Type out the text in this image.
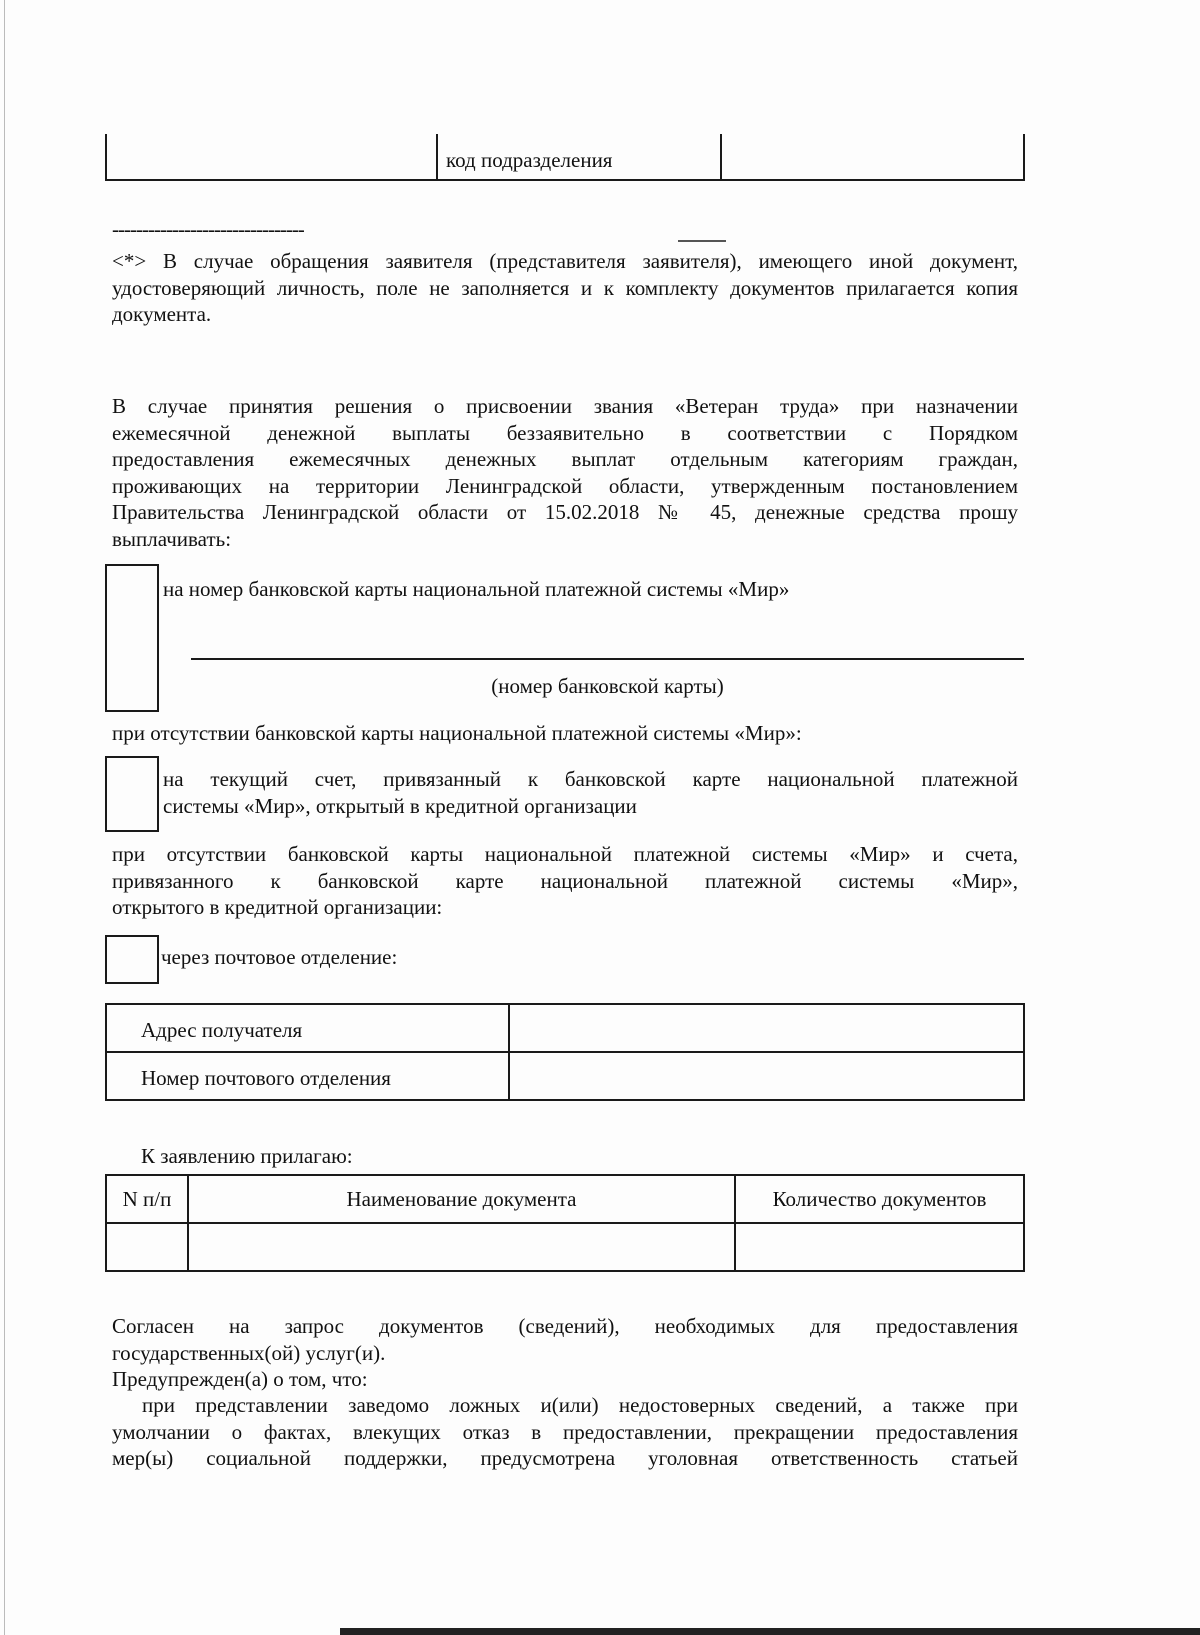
код подразделения
--------------------------------
<*> В случае обращения заявителя (представителя заявителя), имеющего иной документ, удостоверяющий личность, поле не заполняется и к комплекту документов прилагается копия документа.
В случае принятия решения о присвоении звания «Ветеран труда» при назначении
ежемесячной денежной выплаты беззаявительно в соответствии с Порядком
предоставления ежемесячных денежных выплат отдельным категориям граждан,
проживающих на территории Ленинградской области, утвержденным постановлением
Правительства Ленинградской области от 15.02.2018 № 45, денежные средства прошу
выплачивать:
на номер банковской карты национальной платежной системы «Мир»
(номер банковской карты)
при отсутствии банковской карты национальной платежной системы «Мир»:
на текущий счет, привязанный к банковской карте национальной платежной
системы «Мир», открытый в кредитной организации
при отсутствии банковской карты национальной платежной системы «Мир» и счета,
привязанного к банковской карте национальной платежной системы «Мир»,
открытого в кредитной организации:
через почтовое отделение:
Адрес получателя	
Номер почтового отделения	
К заявлению прилагаю:
N п/п	Наименование документа	Количество документов

Согласен на запрос документов (сведений), необходимых для предоставления
государственных(ой) услуг(и).
Предупрежден(а) о том, что:
при представлении заведомо ложных и(или) недостоверных сведений, а также при
умолчании о фактах, влекущих отказ в предоставлении, прекращении предоставления
мер(ы) социальной поддержки, предусмотрена уголовная ответственность статьей
